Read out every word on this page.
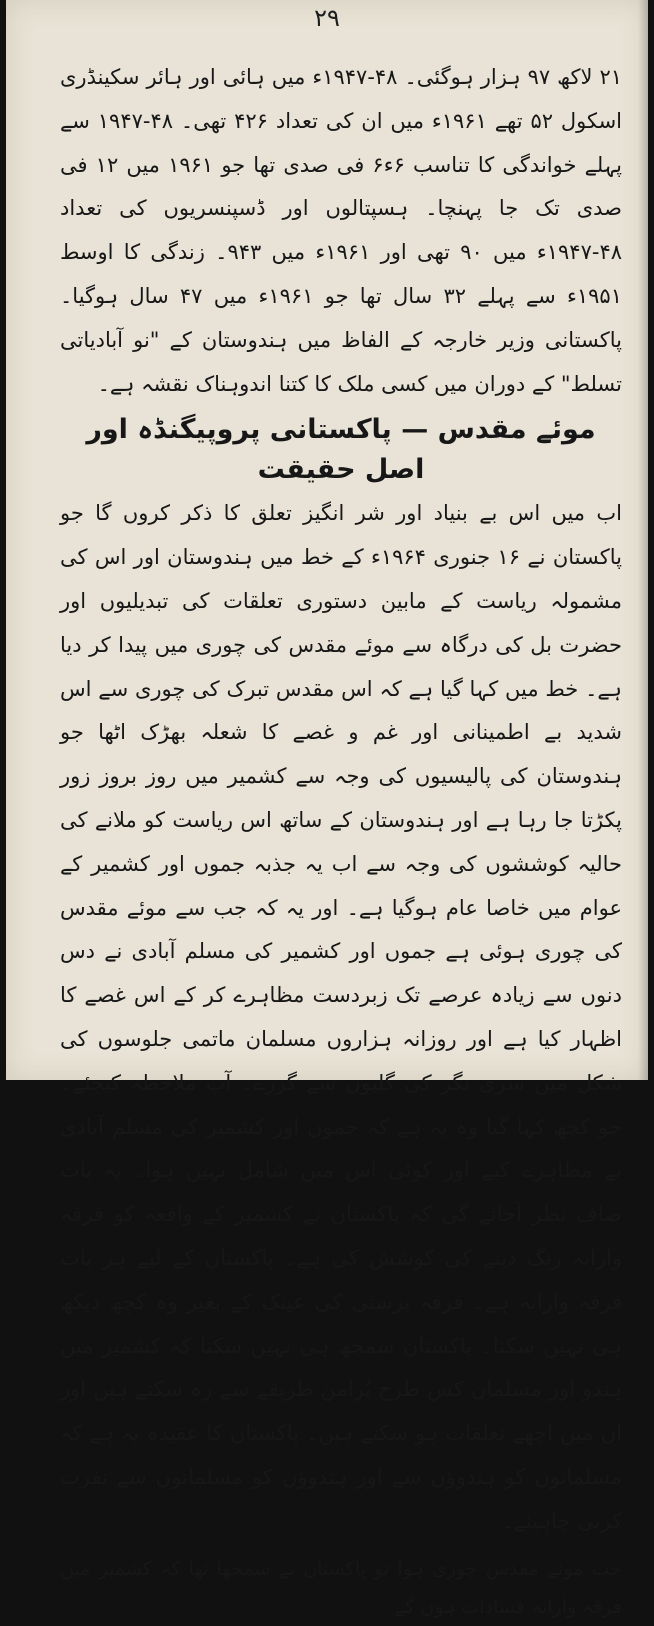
۲۹

۲۱ لاکھ ۹۷ ہزار ہوگئی۔ ۴۸-۱۹۴۷ء میں ہائی اور ہائر سکینڈری اسکول ۵۲ تھے ۱۹۶۱ء میں ان کی تعداد ۴۲۶ تھی۔ ۴۸-۱۹۴۷ سے پہلے خواندگی کا تناسب ۶ء۶ فی صدی تھا جو ۱۹۶۱ میں ۱۲ فی صدی تک جا پہنچا۔ ہسپتالوں اور ڈسپنسریوں کی تعداد ۴۸-۱۹۴۷ء میں ۹۰ تھی اور ۱۹۶۱ء میں ۹۴۳۔ زندگی کا اوسط ۱۹۵۱ء سے پہلے ۳۲ سال تھا جو ۱۹۶۱ء میں ۴۷ سال ہوگیا۔ پاکستانی وزیر خارجہ کے الفاظ میں ہندوستان کے "نو آبادیاتی تسلط" کے دوران میں کسی ملک کا کتنا اندوہناک نقشہ ہے۔

موئے مقدس — پاکستانی پروپیگنڈہ اور اصل حقیقت

اب میں اس بے بنیاد اور شر انگیز تعلق کا ذکر کروں گا جو پاکستان نے ۱۶ جنوری ۱۹۶۴ء کے خط میں ہندوستان اور اس کی مشمولہ ریاست کے مابین دستوری تعلقات کی تبدیلیوں اور حضرت بل کی درگاہ سے موئے مقدس کی چوری میں پیدا کر دیا ہے۔ خط میں کہا گیا ہے کہ اس مقدس تبرک کی چوری سے اس شدید بے اطمینانی اور غم و غصے کا شعلہ بھڑک اٹھا جو ہندوستان کی پالیسیوں کی وجہ سے کشمیر میں روز بروز زور پکڑتا جا رہا ہے اور ہندوستان کے ساتھ اس ریاست کو ملانے کی حالیہ کوششوں کی وجہ سے اب یہ جذبہ جموں اور کشمیر کے عوام میں خاصا عام ہوگیا ہے۔ اور یہ کہ جب سے موئے مقدس کی چوری ہوئی ہے جموں اور کشمیر کی مسلم آبادی نے دس دنوں سے زیادہ عرصے تک زبردست مظاہرے کر کے اس غصے کا اظہار کیا ہے اور روزانہ ہزاروں مسلمان ماتمی جلوسوں کی شکل میں سری نگر کی گلیوں سے گزرے۔ آپ ملاحظہ کیجئے۔ جو کچھ کہا گیا وہ یہ ہے کہ جموں اور کشمیر کی مسلم آبادی نے مظاہرے کیے اور کوئی اس میں شامل نہیں ہوا۔ یہ بات صاف نظر آجائے گی کہ پاکستان نے کشمیر کے واقعہ کو فرقہ وارانہ رنگ دینے کی کوشش کی ہے۔ پاکستان کے لیے ہر بات فرقہ وارانہ ہے۔ فرقہ پرستی کی عینک کے بغیر وہ کچھ دیکھ ہی نہیں سکتا۔ پاکستان سمجھ ہی نہیں سکتا کہ کشمیر میں ہندو اور مسلمان کس طرح پُرامن طریقے سے رہ سکتے ہیں اور ان میں اچھے تعلقات ہو سکتے ہیں۔ پاکستان کا عقیدہ یہ ہے کہ مسلمانوں کو ہندوؤں سے اور ہندوؤں کو مسلمانوں سے نفرت کرنی چاہیئے۔

جب موئے مقدس چوری ہوا تو پاکستان نے سمجھا تھا کہ کشمیر میں فرقہ وارانہ فسادات ہوں گے
